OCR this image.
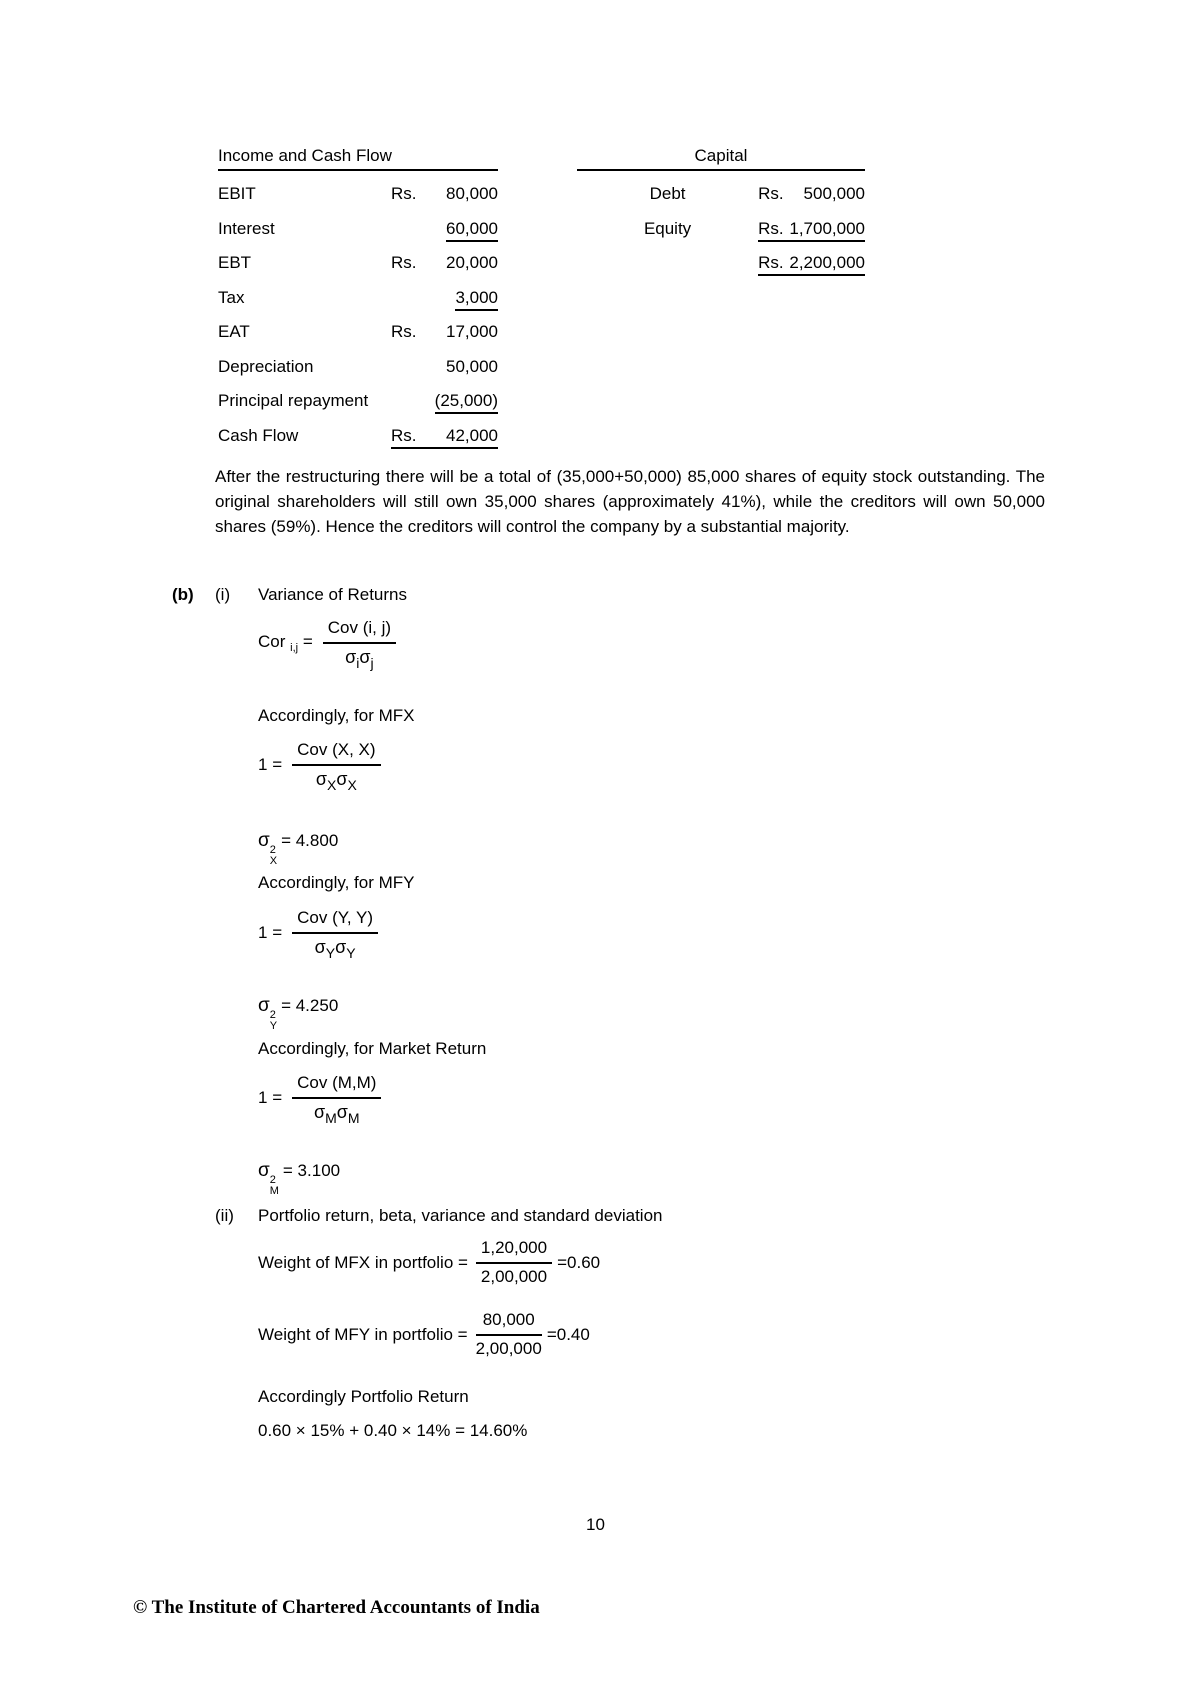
Income and Cash Flow
EBIT	Rs. 80,000
Interest	60,000
EBT	Rs. 20,000
Tax	3,000
EAT	Rs. 17,000
Depreciation	50,000
Principal repayment	(25,000)
Cash Flow	Rs. 42,000
Capital
Debt	Rs. 500,000
Equity	Rs. 1,700,000
Rs. 2,200,000
After the restructuring there will be a total of (35,000+50,000) 85,000 shares of equity stock outstanding. The original shareholders will still own 35,000 shares (approximately 41%), while the creditors will own 50,000 shares (59%). Hence the creditors will control the company by a substantial majority.
(b) (i) Variance of Returns
Cor $_{i,j} = \frac{\text{Cov (i, j)}}{\sigma_i\sigma_j}$
Accordingly, for MFX
$1 = \frac{\text{Cov (X, X)}}{\sigma_X\sigma_X}$
σ 2
X
= 4.800
Accordingly, for MFY
$1 = \frac{\text{Cov (Y, Y)}}{\sigma_Y\sigma_Y}$
σ 2
Y
= 4.250
Accordingly, for Market Return
$1 = \frac{\text{Cov (M,M)}}{\sigma_M\sigma_M}$
σ 2
M
= 3.100
(ii) Portfolio return, beta, variance and standard deviation
Weight of MFX in portfolio = $\frac{1,20,000}{2,00,000} =0.60$
Weight of MFY in portfolio = $\frac{80,000}{2,00,000} =0.40$
Accordingly Portfolio Return
0.60 × 15% + 0.40 × 14% = 14.60%
10
© The Institute of Chartered Accountants of India
